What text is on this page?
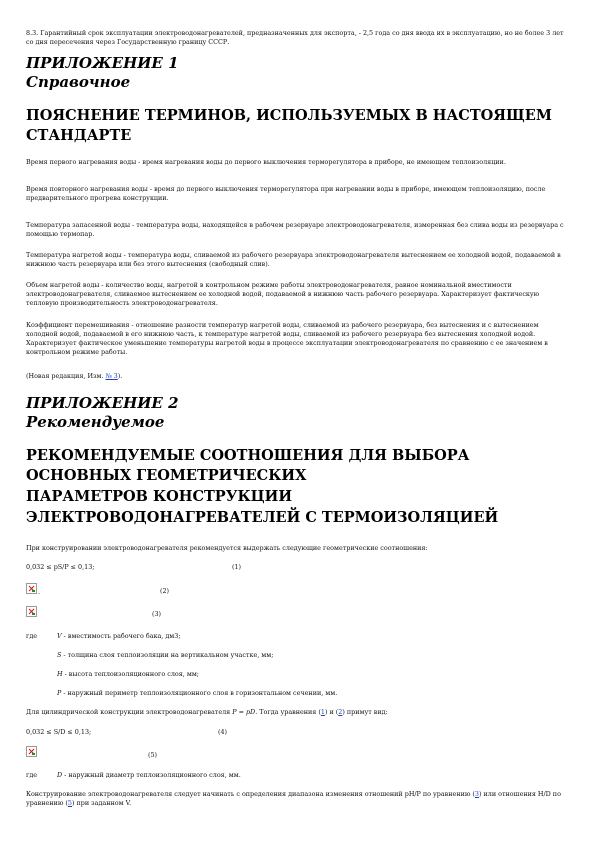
8.3. Гарантийный срок эксплуатации электроводонагревателей, предназначенных для экспорта, - 2,5 года со дня ввода их в эксплуатацию, но не более 3 лет со дня пересечения через Государственную границу СССР.

ПРИЛОЖЕНИЕ 1
Справочное
ПОЯСНЕНИЕ ТЕРМИНОВ, ИСПОЛЬЗУЕМЫХ В НАСТОЯЩЕМ СТАНДАРТЕ

Время первого нагревания воды - время нагревания воды до первого выключения терморегулятора в приборе, не имеющем теплоизоляции.

Время повторного нагревания воды - время до первого выключения терморегулятора при нагревании воды в приборе, имеющем теплоизоляцию, после предварительного прогрева конструкции.

Температура запасенной воды - температура воды, находящейся в рабочем резервуаре электроводонагревателя, измеренная без слива воды из резервуара с помощью термопар.

Температура нагретой воды - температура воды, сливаемой из рабочего резервуара электроводонагревателя вытеснением ее холодной водой, подаваемой в нижнюю часть резервуара или без этого вытеснения (свободный слив).

Объем нагретой воды - количество воды, нагретой в контрольном режиме работы электроводонагревателя, равное номинальной вместимости электроводонагревателя, сливаемое вытеснением ее холодной водой, подаваемой в нижнюю часть рабочего резервуара. Характеризует фактическую тепловую производительность электроводонагревателя.

Коэффициент перемешивания - отношение разности температур нагретой воды, сливаемой из рабочего резервуара, без вытеснения и с вытеснением холодной водой, подаваемой в его нижнюю часть, к температуре нагретой воды, сливаемой из рабочего резервуара без вытеснения холодной водой. Характеризует фактическое уменьшение температуры нагретой воды в процессе эксплуатации электроводонагревателя по сравнению с ее значением в контрольном режиме работы.

(Новая редакция, Изм. № 3).

ПРИЛОЖЕНИЕ 2
Рекомендуемое
РЕКОМЕНДУЕМЫЕ СООТНОШЕНИЯ ДЛЯ ВЫБОРА
ОСНОВНЫХ ГЕОМЕТРИЧЕСКИХ
ПАРАМЕТРОВ КОНСТРУКЦИИ
ЭЛЕКТРОВОДОНАГРЕВАТЕЛЕЙ С ТЕРМОИЗОЛЯЦИЕЙ

При конструировании электроводонагревателя рекомендуется выдержать следующие геометрические соотношения:

0,032 ≤ pS/P ≤ 0,13;	(1)
.	(2)
(3)
где	V - вместимость рабочего бака, дм3;
S - толщина слоя теплоизоляции на вертикальном участке, мм;
H - высота теплоизоляционного слоя, мм;
P - наружный периметр теплоизоляционного слоя в горизонтальном сечении, мм.

Для цилиндрической конструкции электроводонагревателя P = pD. Тогда уравнения (1) и (2) примут вид:

0,032 ≤ S/D ≤ 0,13;	(4)
(5)
где	D - наружный диаметр теплоизоляционного слоя, мм.

Конструирование электроводонагревателя следует начинать с определения диапазона изменения отношений pH/P по уравнению (3) или отношения H/D по уравнению (5) при заданном V.
